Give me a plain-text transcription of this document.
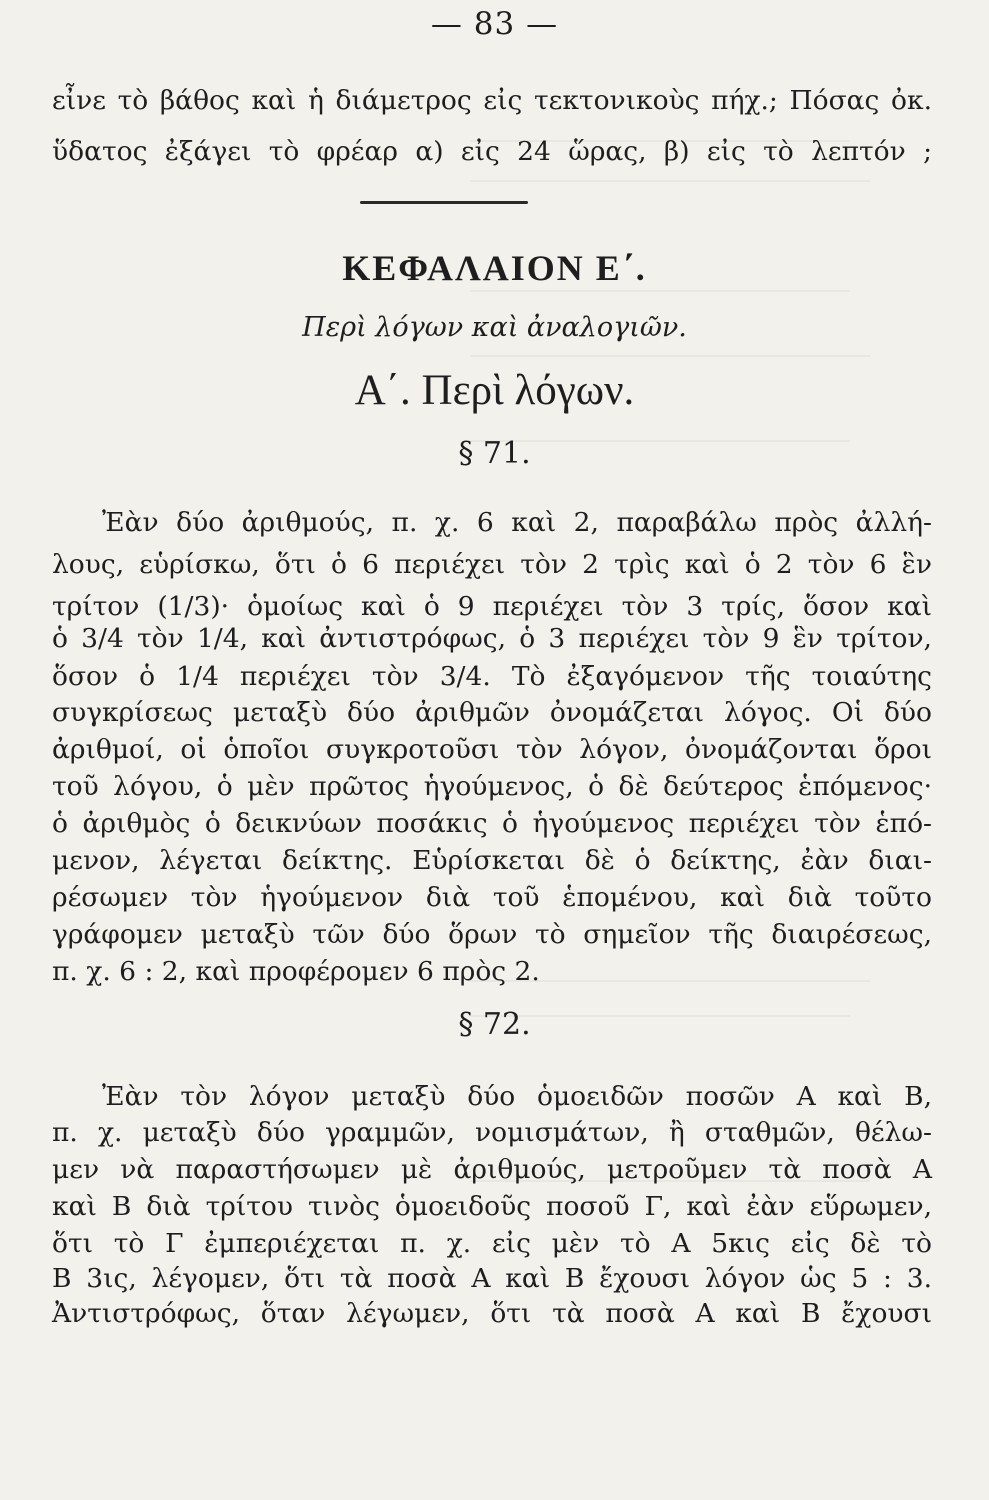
— 83 —
εἶνε τὸ βάθος καὶ ἡ διάμετρος εἰς τεκτονικοὺς πήχ.; Πόσας ὀκ.
ὕδατος ἐξάγει τὸ φρέαρ α) εἰς 24 ὥρας, β) εἰς τὸ λεπτόν ;
ΚΕΦΑΛΑΙΟΝ Ε΄.
Περὶ λόγων καὶ ἀναλογιῶν.
Α΄. Περὶ λόγων.
§ 71.
Ἐὰν δύο ἀριθμούς, π. χ. 6 καὶ 2, παραβάλω πρὸς ἀλλή-
λους, εὑρίσκω, ὅτι ὁ 6 περιέχει τὸν 2 τρὶς καὶ ὁ 2 τὸν 6 ἓν
τρίτον (1/3)· ὁμοίως καὶ ὁ 9 περιέχει τὸν 3 τρίς, ὅσον καὶ
ὁ 3/4 τὸν 1/4, καὶ ἀντιστρόφως, ὁ 3 περιέχει τὸν 9 ἓν τρίτον,
ὅσον ὁ 1/4 περιέχει τὸν 3/4. Τὸ ἐξαγόμενον τῆς τοιαύτης
συγκρίσεως μεταξὺ δύο ἀριθμῶν ὀνομάζεται λόγος. Οἱ δύο
ἀριθμοί, οἱ ὁποῖοι συγκροτοῦσι τὸν λόγον, ὀνομάζονται ὅροι
τοῦ λόγου, ὁ μὲν πρῶτος ἡγούμενος, ὁ δὲ δεύτερος ἑπόμενος·
ὁ ἀριθμὸς ὁ δεικνύων ποσάκις ὁ ἡγούμενος περιέχει τὸν ἑπό-
μενον, λέγεται δείκτης. Εὑρίσκεται δὲ ὁ δείκτης, ἐὰν διαι-
ρέσωμεν τὸν ἡγούμενον διὰ τοῦ ἑπομένου, καὶ διὰ τοῦτο
γράφομεν μεταξὺ τῶν δύο ὅρων τὸ σημεῖον τῆς διαιρέσεως,
π. χ. 6 : 2, καὶ προφέρομεν 6 πρὸς 2.
§ 72.
Ἐὰν τὸν λόγον μεταξὺ δύο ὁμοειδῶν ποσῶν Α καὶ Β,
π. χ. μεταξὺ δύο γραμμῶν, νομισμάτων, ἢ σταθμῶν, θέλω-
μεν νὰ παραστήσωμεν μὲ ἀριθμούς, μετροῦμεν τὰ ποσὰ Α
καὶ Β διὰ τρίτου τινὸς ὁμοειδοῦς ποσοῦ Γ, καὶ ἐὰν εὕρωμεν,
ὅτι τὸ Γ ἐμπεριέχεται π. χ. εἰς μὲν τὸ Α 5κις εἰς δὲ τὸ
Β 3ις, λέγομεν, ὅτι τὰ ποσὰ Α καὶ Β ἔχουσι λόγον ὡς 5 : 3.
Ἀντιστρόφως, ὅταν λέγωμεν, ὅτι τὰ ποσὰ Α καὶ Β ἔχουσι
